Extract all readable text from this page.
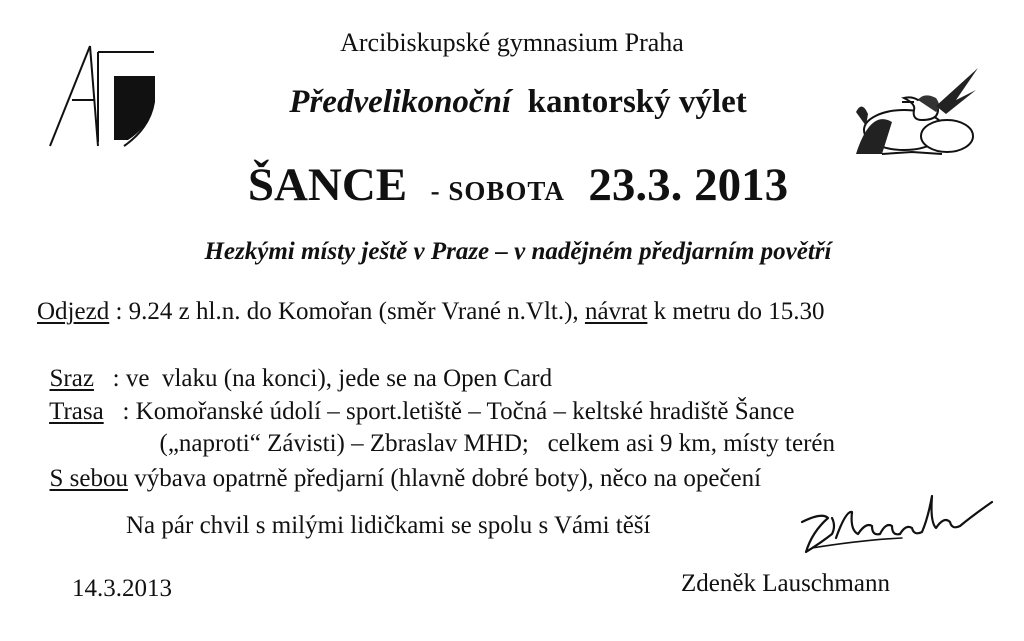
Arcibiskupské gymnasium Praha
Předvelikonoční kantorský výlet
ŠANCE - SOBOTA 23.3. 2013
Hezkými místy ještě v Praze – v nadějném předjarním povětří
Odjezd : 9.24 z hl.n. do Komořan (směr Vrané n.Vlt.), návrat k metru do 15.30

Sraz   : ve  vlaku (na konci), jede se na Open Card

Trasa   : Komořanské údolí – sport.letiště – Točná – keltské hradiště Šance

(„naproti“ Závisti) – Zbraslav MHD;   celkem asi 9 km, místy terén

S sebou výbava opatrně předjarní (hlavně dobré boty), něco na opečení

Na pár chvil s milými lidičkami se spolu s Vámi těší
14.3.2013	Zdeněk Lauschmann
